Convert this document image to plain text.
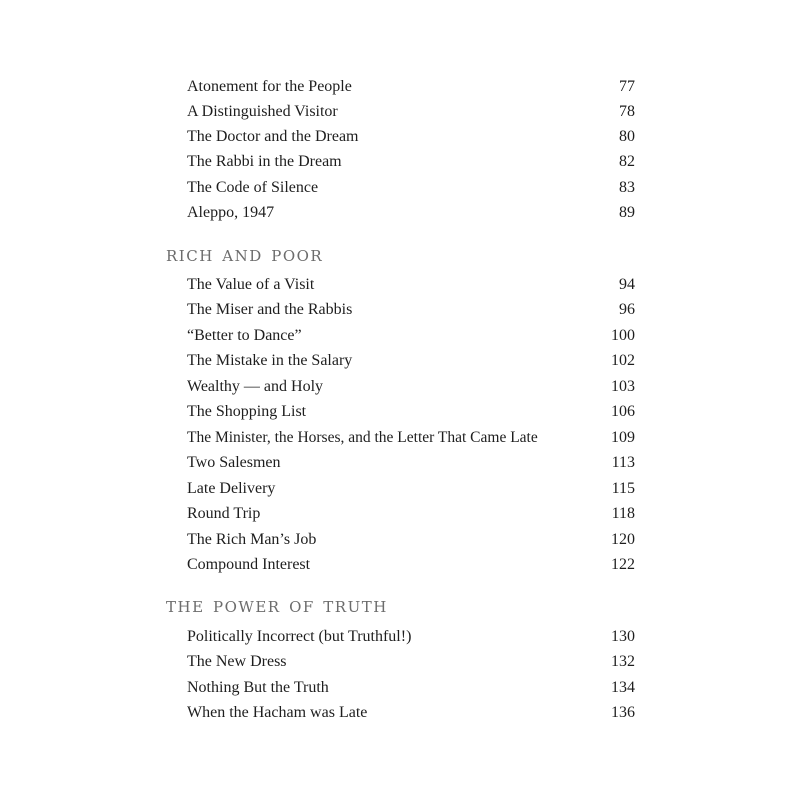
Atonement for the People	77
A Distinguished Visitor	78
The Doctor and the Dream	80
The Rabbi in the Dream	82
The Code of Silence	83
Aleppo, 1947	89
rich and poor
The Value of a Visit	94
The Miser and the Rabbis	96
“Better to Dance”	100
The Mistake in the Salary	102
Wealthy — and Holy	103
The Shopping List	106
The Minister, the Horses, and the Letter That Came Late	109
Two Salesmen	113
Late Delivery	115
Round Trip	118
The Rich Man’s Job	120
Compound Interest	122
the power of truth
Politically Incorrect (but Truthful!)	130
The New Dress	132
Nothing But the Truth	134
When the Hacham was Late	136
